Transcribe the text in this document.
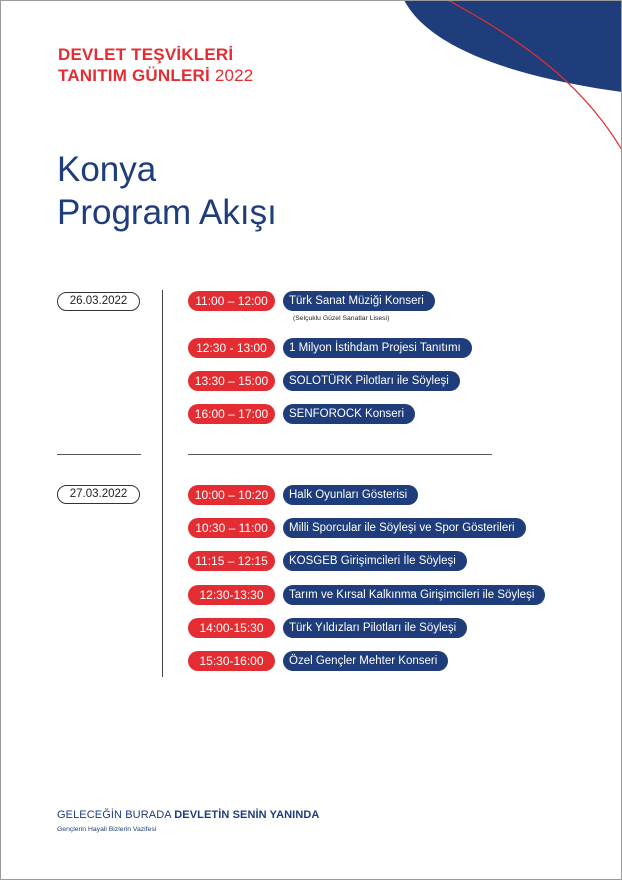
DEVLET TEŞVİKLERİ
TANITIM GÜNLERİ 2022
Konya
Program Akışı
26.03.2022	11:00 – 12:00	Türk Sanat Müziği Konseri
(Selçuklu Güzel Sanatlar Lisesi)
12:30 - 13:00	1 Milyon İstihdam Projesi Tanıtımı
13:30 – 15:00	SOLOTÜRK Pilotları ile Söyleşi
16:00 – 17:00	SENFOROCK Konseri
27.03.2022	10:00 – 10:20	Halk Oyunları Gösterisi
10:30 – 11:00	Milli Sporcular ile Söyleşi ve Spor Gösterileri
11:15 – 12:15	KOSGEB Girişimcileri İle Söyleşi
12:30-13:30	Tarım ve Kırsal Kalkınma Girişimcileri ile Söyleşi
14:00-15:30	Türk Yıldızları Pilotları ile Söyleşi
15:30-16:00	Özel Gençler Mehter Konseri
GELECEĞİN BURADA DEVLETİN SENİN YANINDA
Gençlerin Hayali Bizlerin Vazifesi
